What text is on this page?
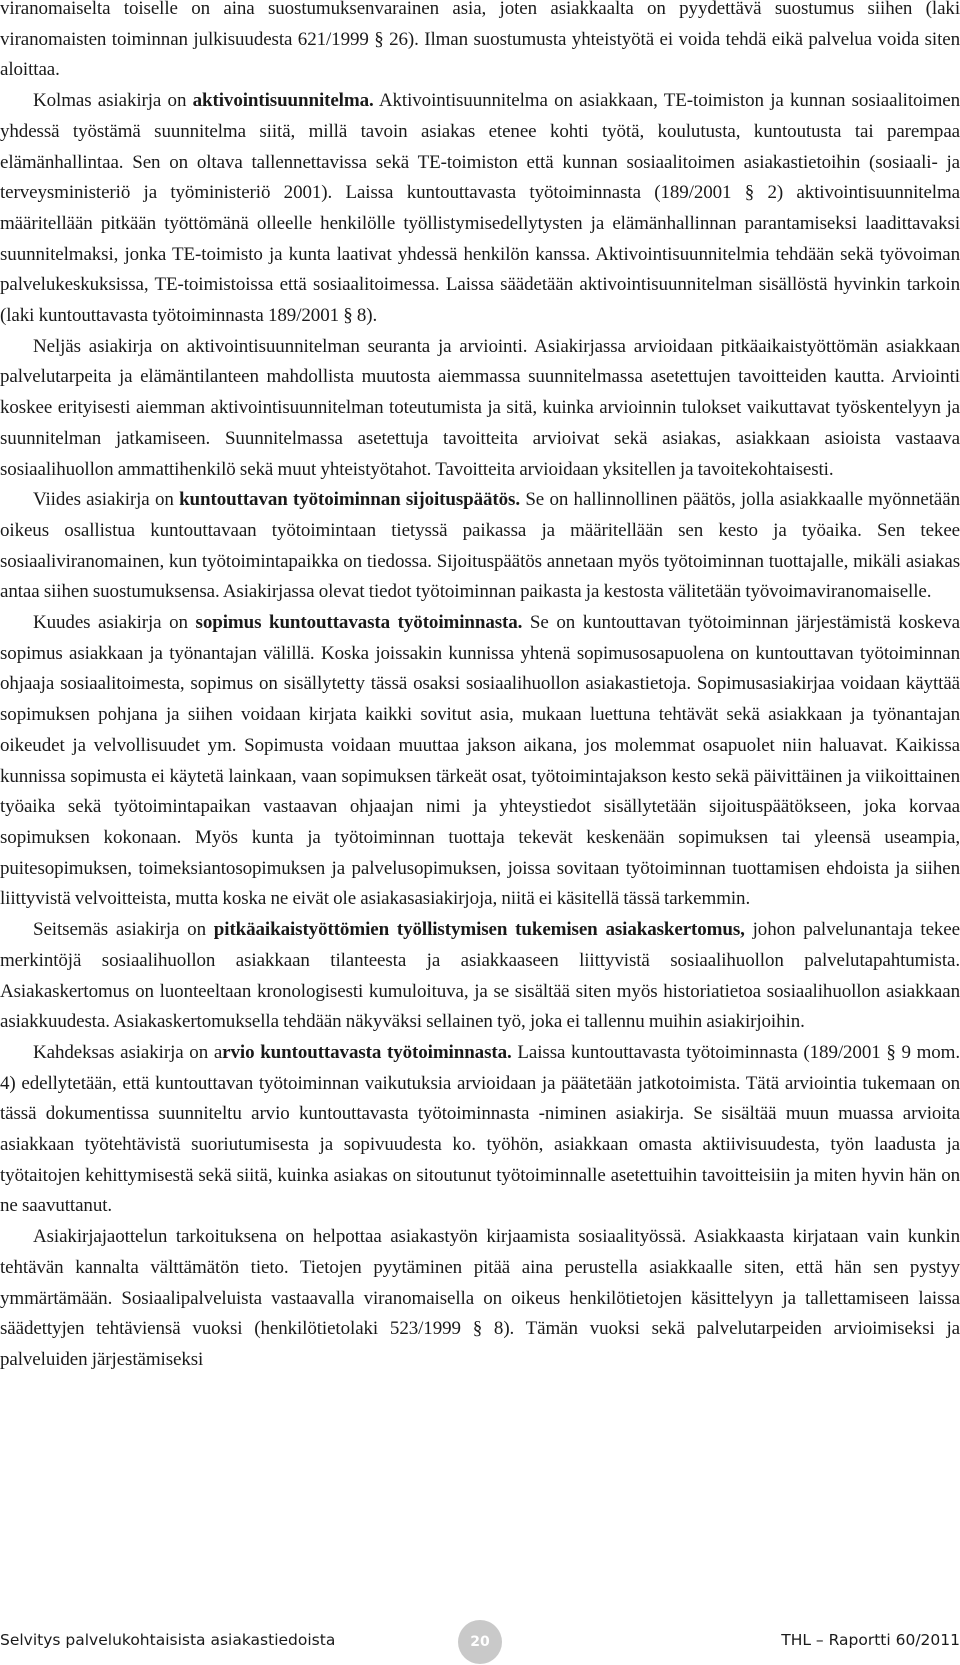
viranomaiselta toiselle on aina suostumuksenvarainen asia, joten asiakkaalta on pyydettävä suostumus siihen (laki viranomaisten toiminnan julkisuudesta 621/1999 § 26). Ilman suostumusta yhteistyötä ei voida tehdä eikä palvelua voida siten aloittaa.

Kolmas asiakirja on aktivointisuunnitelma. Aktivointisuunnitelma on asiakkaan, TE-toimiston ja kunnan sosiaalitoimen yhdessä työstämä suunnitelma siitä, millä tavoin asiakas etenee kohti työtä, koulutusta, kuntoutusta tai parempaa elämänhallintaa. Sen on oltava tallennettavissa sekä TE-toimiston että kunnan sosiaalitoimen asiakastietoihin (sosiaali- ja terveysministeriö ja työministeriö 2001). Laissa kuntouttavasta työtoiminnasta (189/2001 § 2) aktivointisuunnitelma määritellään pitkään työttömänä olleelle henkilölle työllistymisedellytysten ja elämänhallinnan parantamiseksi laadittavaksi suunnitelmaksi, jonka TE-toimisto ja kunta laativat yhdessä henkilön kanssa. Aktivointisuunnitelmia tehdään sekä työvoiman palvelukeskuksissa, TE-toimistoissa että sosiaalitoimessa. Laissa säädetään aktivointisuunnitelman sisällöstä hyvinkin tarkoin (laki kuntouttavasta työtoiminnasta 189/2001 § 8).

Neljäs asiakirja on aktivointisuunnitelman seuranta ja arviointi. Asiakirjassa arvioidaan pitkäaikaistyöttömän asiakkaan palvelutarpeita ja elämäntilanteen mahdollista muutosta aiemmassa suunnitelmassa asetettujen tavoitteiden kautta. Arviointi koskee erityisesti aiemman aktivointisuunnitelman toteutumista ja sitä, kuinka arvioinnin tulokset vaikuttavat työskentelyyn ja suunnitelman jatkamiseen. Suunnitelmassa asetettuja tavoitteita arvioivat sekä asiakas, asiakkaan asioista vastaava sosiaalihuollon ammattihenkilö sekä muut yhteistyötahot. Tavoitteita arvioidaan yksitellen ja tavoitekohtaisesti.

Viides asiakirja on kuntouttavan työtoiminnan sijoituspäätös. Se on hallinnollinen päätös, jolla asiakkaalle myönnetään oikeus osallistua kuntouttavaan työtoimintaan tietyssä paikassa ja määritellään sen kesto ja työaika. Sen tekee sosiaaliviranomainen, kun työtoimintapaikka on tiedossa. Sijoituspäätös annetaan myös työtoiminnan tuottajalle, mikäli asiakas antaa siihen suostumuksensa. Asiakirjassa olevat tiedot työtoiminnan paikasta ja kestosta välitetään työvoimaviranomaiselle.

Kuudes asiakirja on sopimus kuntouttavasta työtoiminnasta. Se on kuntouttavan työtoiminnan järjestämistä koskeva sopimus asiakkaan ja työnantajan välillä. Koska joissakin kunnissa yhtenä sopimusosapuolena on kuntouttavan työtoiminnan ohjaaja sosiaalitoimesta, sopimus on sisällytetty tässä osaksi sosiaalihuollon asiakastietoja. Sopimusasiakirjaa voidaan käyttää sopimuksen pohjana ja siihen voidaan kirjata kaikki sovitut asia, mukaan luettuna tehtävät sekä asiakkaan ja työnantajan oikeudet ja velvollisuudet ym. Sopimusta voidaan muuttaa jakson aikana, jos molemmat osapuolet niin haluavat. Kaikissa kunnissa sopimusta ei käytetä lainkaan, vaan sopimuksen tärkeät osat, työtoimintajakson kesto sekä päivittäinen ja viikoittainen työaika sekä työtoimintapaikan vastaavan ohjaajan nimi ja yhteystiedot sisällytetään sijoituspäätökseen, joka korvaa sopimuksen kokonaan. Myös kunta ja työtoiminnan tuottaja tekevät keskenään sopimuksen tai yleensä useampia, puitesopimuksen, toimeksiantosopimuksen ja palvelusopimuksen, joissa sovitaan työtoiminnan tuottamisen ehdoista ja siihen liittyvistä velvoitteista, mutta koska ne eivät ole asiakasasiakirjoja, niitä ei käsitellä tässä tarkemmin.

Seitsemäs asiakirja on pitkäaikaistyöttömien työllistymisen tukemisen asiakaskertomus, johon palvelunantaja tekee merkintöjä sosiaalihuollon asiakkaan tilanteesta ja asiakkaaseen liittyvistä sosiaalihuollon palvelutapahtumista. Asiakaskertomus on luonteeltaan kronologisesti kumuloituva, ja se sisältää siten myös historiatietoa sosiaalihuollon asiakkaan asiakkuudesta. Asiakaskertomuksella tehdään näkyväksi sellainen työ, joka ei tallennu muihin asiakirjoihin.

Kahdeksas asiakirja on arvio kuntouttavasta työtoiminnasta. Laissa kuntouttavasta työtoiminnasta (189/2001 § 9 mom. 4) edellytetään, että kuntouttavan työtoiminnan vaikutuksia arvioidaan ja päätetään jatkotoimista. Tätä arviointia tukemaan on tässä dokumentissa suunniteltu arvio kuntouttavasta työtoiminnasta -niminen asiakirja. Se sisältää muun muassa arvioita asiakkaan työtehtävistä suoriutumisesta ja sopivuudesta ko. työhön, asiakkaan omasta aktiivisuudesta, työn laadusta ja työtaitojen kehittymisestä sekä siitä, kuinka asiakas on sitoutunut työtoiminnalle asetettuihin tavoitteisiin ja miten hyvin hän on ne saavuttanut.

Asiakirjajaottelun tarkoituksena on helpottaa asiakastyön kirjaamista sosiaalityössä. Asiakkaasta kirjataan vain kunkin tehtävän kannalta välttämätön tieto. Tietojen pyytäminen pitää aina perustella asiakkaalle siten, että hän sen pystyy ymmärtämään. Sosiaalipalveluista vastaavalla viranomaisella on oikeus henkilötietojen käsittelyyn ja tallettamiseen laissa säädettyjen tehtäviensä vuoksi (henkilötietolaki 523/1999 § 8). Tämän vuoksi sekä palvelutarpeiden arvioimiseksi ja palveluiden järjestämiseksi

Selvitys palvelukohtaisista asiakastiedoista	20	THL – Raportti 60/2011
